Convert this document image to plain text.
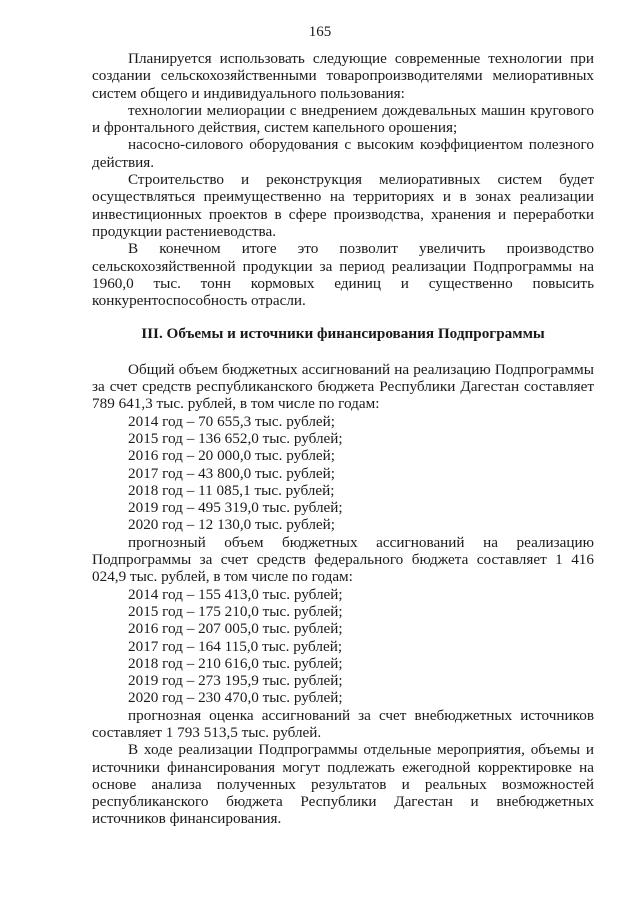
165

Планируется использовать следующие современные технологии при создании сельскохозяйственными товаропроизводителями мелиоративных систем общего и индивидуального пользования:

технологии мелиорации с внедрением дождевальных машин кругового и фронтального действия, систем капельного орошения;

насосно-силового оборудования с высоким коэффициентом полезного действия.

Строительство и реконструкция мелиоративных систем будет осуществляться преимущественно на территориях и в зонах реализации инвестиционных проектов в сфере производства, хранения и переработки продукции растениеводства.

В конечном итоге это позволит увеличить производство сельскохозяйственной продукции за период реализации Подпрограммы на 1960,0 тыс. тонн кормовых единиц и существенно повысить конкурентоспособность отрасли.

III. Объемы и источники финансирования Подпрограммы

Общий объем бюджетных ассигнований на реализацию Подпрограммы за счет средств республиканского бюджета Республики Дагестан составляет 789 641,3 тыс. рублей, в том числе по годам:

2014 год – 70 655,3 тыс. рублей;
2015 год – 136 652,0 тыс. рублей;
2016 год – 20 000,0 тыс. рублей;
2017 год – 43 800,0 тыс. рублей;
2018 год – 11 085,1 тыс. рублей;
2019 год – 495 319,0 тыс. рублей;
2020 год – 12 130,0 тыс. рублей;

прогнозный объем бюджетных ассигнований на реализацию Подпрограммы за счет средств федерального бюджета составляет 1 416 024,9 тыс. рублей, в том числе по годам:

2014 год – 155 413,0 тыс. рублей;
2015 год – 175 210,0 тыс. рублей;
2016 год – 207 005,0 тыс. рублей;
2017 год – 164 115,0 тыс. рублей;
2018 год – 210 616,0 тыс. рублей;
2019 год – 273 195,9 тыс. рублей;
2020 год – 230 470,0 тыс. рублей;

прогнозная оценка ассигнований за счет внебюджетных источников составляет 1 793 513,5 тыс. рублей.

В ходе реализации Подпрограммы отдельные мероприятия, объемы и источники финансирования могут подлежать ежегодной корректировке на основе анализа полученных результатов и реальных возможностей республиканского бюджета Республики Дагестан и внебюджетных источников финансирования.
